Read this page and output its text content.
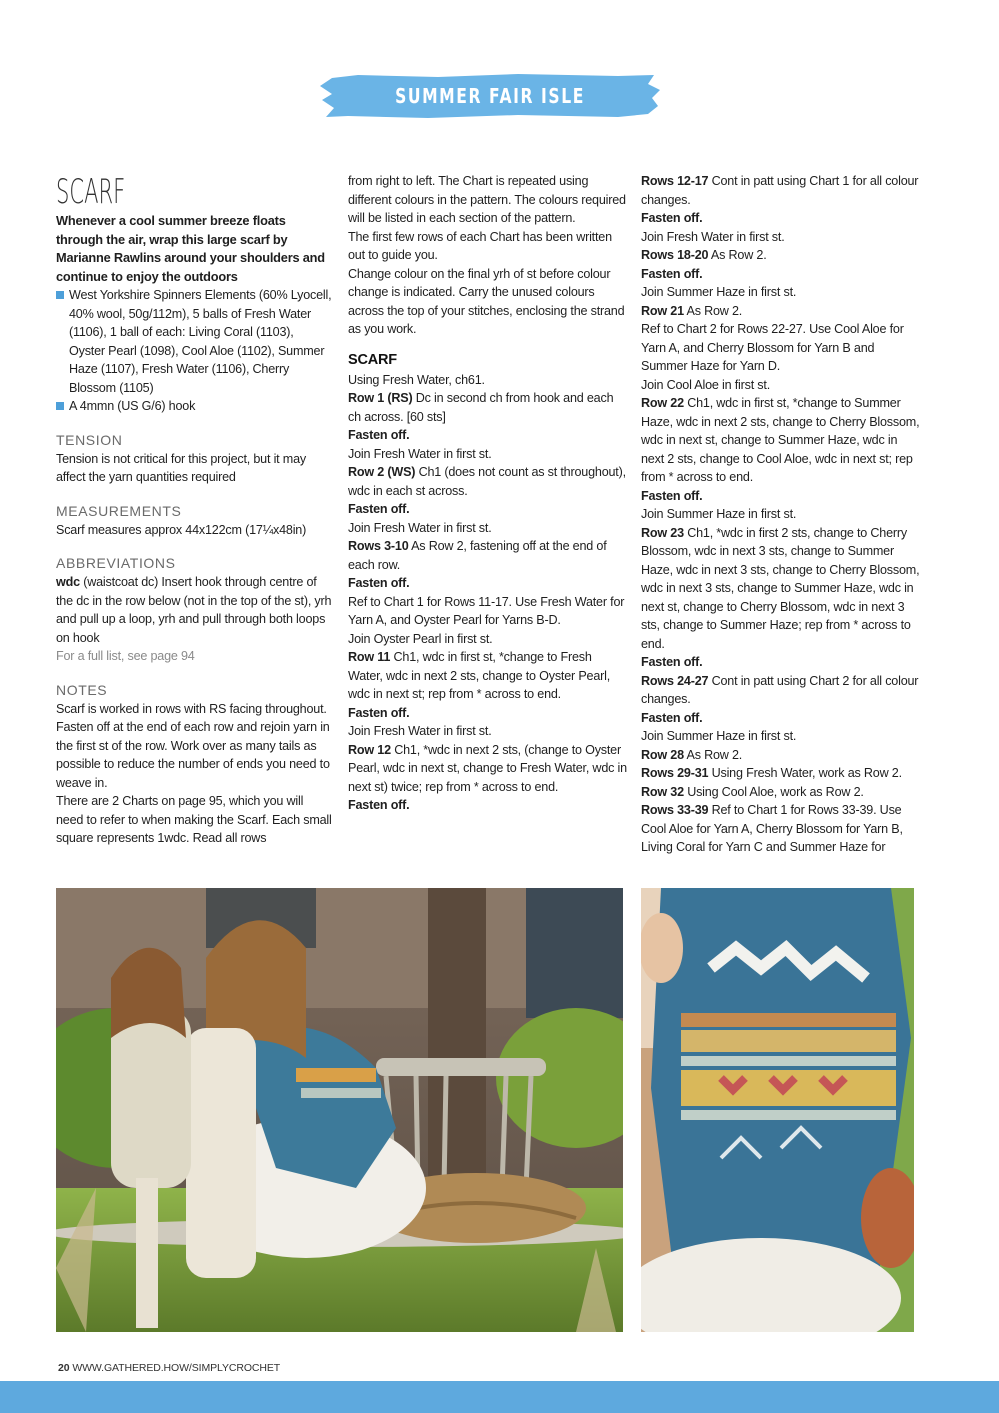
SUMMER FAIR ISLE COLLECTION
SCARF

Whenever a cool summer breeze floats through the air, wrap this large scarf by Marianne Rawlins around your shoulders and continue to enjoy the outdoors

West Yorkshire Spinners Elements (60% Lyocell, 40% wool, 50g/112m), 5 balls of Fresh Water (1106), 1 ball of each: Living Coral (1103), Oyster Pearl (1098), Cool Aloe (1102), Summer Haze (1107), Fresh Water (1106), Cherry Blossom (1105)
A 4mmn (US G/6) hook
TENSION

Tension is not critical for this project, but it may affect the yarn quantities required

MEASUREMENTS

Scarf measures approx 44x122cm (17¼x48in)

ABBREVIATIONS

wdc (waistcoat dc) Insert hook through centre of the dc in the row below (not in the top of the st), yrh and pull up a loop, yrh and pull through both loops on hook

For a full list, see page 94

NOTES

Scarf is worked in rows with RS facing throughout. Fasten off at the end of each row and rejoin yarn in the first st of the row. Work over as many tails as possible to reduce the number of ends you need to weave in.

There are 2 Charts on page 95, which you will need to refer to when making the Scarf. Each small square represents 1wdc. Read all rows

from right to left. The Chart is repeated using different colours in the pattern. The colours required will be listed in each section of the pattern.

The first few rows of each Chart has been written out to guide you.

Change colour on the final yrh of st before colour change is indicated. Carry the unused colours across the top of your stitches, enclosing the strand as you work.

SCARF

Using Fresh Water, ch61.

Row 1 (RS) Dc in second ch from hook and each ch across. [60 sts]

Fasten off.

Join Fresh Water in first st.

Row 2 (WS) Ch1 (does not count as st throughout), wdc in each st across.

Fasten off.

Join Fresh Water in first st.

Rows 3-10 As Row 2, fastening off at the end of each row.

Fasten off.

Ref to Chart 1 for Rows 11-17. Use Fresh Water for Yarn A, and Oyster Pearl for Yarns B-D.

Join Oyster Pearl in first st.

Row 11 Ch1, wdc in first st, *change to Fresh Water, wdc in next 2 sts, change to Oyster Pearl, wdc in next st; rep from * across to end.

Fasten off.

Join Fresh Water in first st.

Row 12 Ch1, *wdc in next 2 sts, (change to Oyster Pearl, wdc in next st, change to Fresh Water, wdc in next st) twice; rep from * across to end.

Fasten off.

Rows 12-17 Cont in patt using Chart 1 for all colour changes.

Fasten off.

Join Fresh Water in first st.

Rows 18-20 As Row 2.

Fasten off.

Join Summer Haze in first st.

Row 21 As Row 2.

Ref to Chart 2 for Rows 22-27. Use Cool Aloe for Yarn A, and Cherry Blossom for Yarn B and Summer Haze for Yarn D.

Join Cool Aloe in first st.

Row 22 Ch1, wdc in first st, *change to Summer Haze, wdc in next 2 sts, change to Cherry Blossom, wdc in next st, change to Summer Haze, wdc in next 2 sts, change to Cool Aloe, wdc in next st; rep from * across to end.

Fasten off.

Join Summer Haze in first st.

Row 23 Ch1, *wdc in first 2 sts, change to Cherry Blossom, wdc in next 3 sts, change to Summer Haze, wdc in next 3 sts, change to Cherry Blossom, wdc in next 3 sts, change to Summer Haze, wdc in next st, change to Cherry Blossom, wdc in next 3 sts, change to Summer Haze; rep from * across to end.

Fasten off.

Rows 24-27 Cont in patt using Chart 2 for all colour changes.

Fasten off.

Join Summer Haze in first st.

Row 28 As Row 2.

Rows 29-31 Using Fresh Water, work as Row 2.

Row 32 Using Cool Aloe, work as Row 2.

Rows 33-39 Ref to Chart 1 for Rows 33-39. Use Cool Aloe for Yarn A, Cherry Blossom for Yarn B, Living Coral for Yarn C and Summer Haze for

20 WWW.GATHERED.HOW/SIMPLYCROCHET
